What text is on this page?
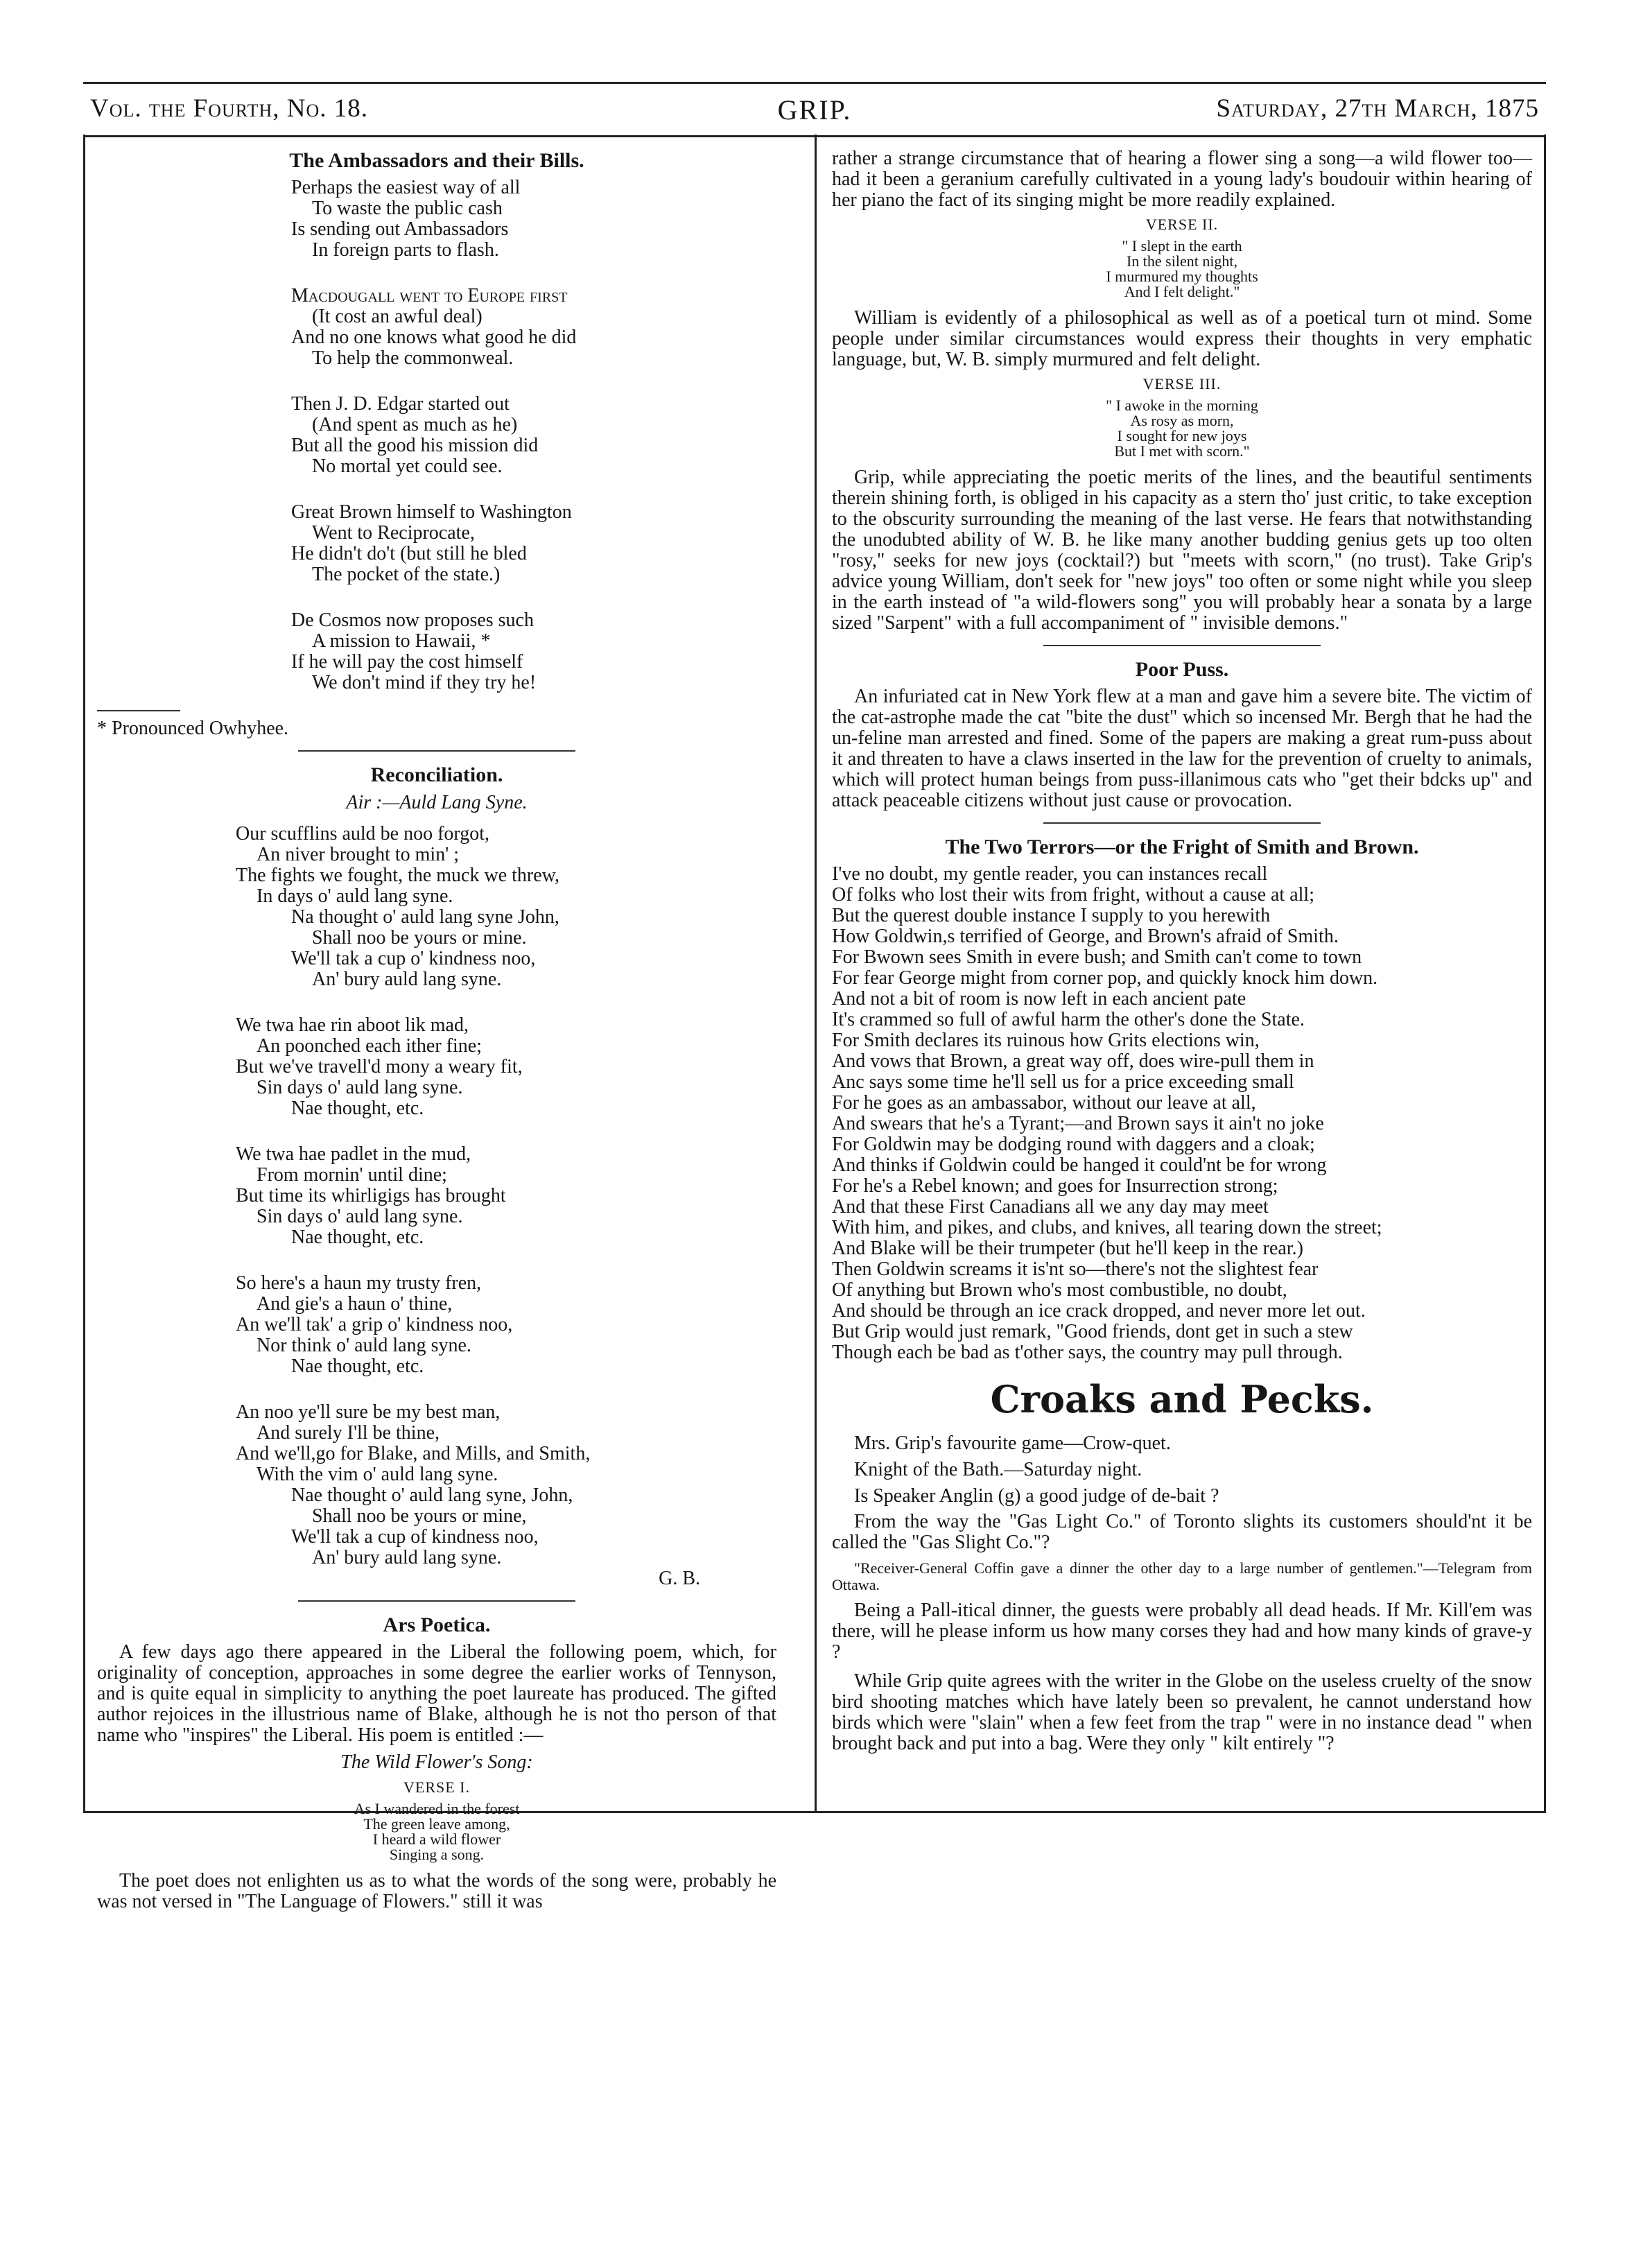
Vol. the Fourth, No. 18.	GRIP.	Saturday, 27th March, 1875
The Ambassadors and their Bills.
Perhaps the easiest way of all
To waste the public cash
Is sending out Ambassadors
In foreign parts to flash.
Macdougall went to Europe first
(It cost an awful deal)
And no one knows what good he did
To help the commonweal.
Then J. D. Edgar started out
(And spent as much as he)
But all the good his mission did
No mortal yet could see.
Great Brown himself to Washington
Went to Reciprocate,
He didn't do't (but still he bled
The pocket of the state.)
De Cosmos now proposes such
A mission to Hawaii, *
If he will pay the cost himself
We don't mind if they try he!
* Pronounced Owhyhee.
Reconciliation.
Air :—Auld Lang Syne.
Our scufflins auld be noo forgot,
An niver brought to min' ;
The fights we fought, the muck we threw,
In days o' auld lang syne.
Na thought o' auld lang syne John,
Shall noo be yours or mine.
We'll tak a cup o' kindness noo,
An' bury auld lang syne.
We twa hae rin aboot lik mad,
An poonched each ither fine;
But we've travell'd mony a weary fit,
Sin days o' auld lang syne.
Nae thought, etc.
We twa hae padlet in the mud,
From mornin' until dine;
But time its whirligigs has brought
Sin days o' auld lang syne.
Nae thought, etc.
So here's a haun my trusty fren,
And gie's a haun o' thine,
An we'll tak' a grip o' kindness noo,
Nor think o' auld lang syne.
Nae thought, etc.
An noo ye'll sure be my best man,
And surely I'll be thine,
And we'll,go for Blake, and Mills, and Smith,
With the vim o' auld lang syne.
Nae thought o' auld lang syne, John,
Shall noo be yours or mine,
We'll tak a cup of kindness noo,
An' bury auld lang syne.
G. B.
Ars Poetica.

A few days ago there appeared in the Liberal the following poem, which, for originality of conception, approaches in some degree the earlier works of Tennyson, and is quite equal in simplicity to anything the poet laureate has produced. The gifted author rejoices in the illustrious name of Blake, although he is not tho person of that name who "inspires" the Liberal. His poem is entitled :—

The Wild Flower's Song:
VERSE I.
As I wandered in the forest
The green leave among,
I heard a wild flower
Singing a song.

The poet does not enlighten us as to what the words of the song were, probably he was not versed in "The Language of Flowers." still it was

rather a strange circumstance that of hearing a flower sing a song—a wild flower too—had it been a geranium carefully cultivated in a young lady's boudouir within hearing of her piano the fact of its singing might be more readily explained.

VERSE II.
" I slept in the earth
In the silent night,
I murmured my thoughts
And I felt delight."

William is evidently of a philosophical as well as of a poetical turn ot mind. Some people under similar circumstances would express their thoughts in very emphatic language, but, W. B. simply murmured and felt delight.

VERSE III.
" I awoke in the morning
As rosy as morn,
I sought for new joys
But I met with scorn."

Grip, while appreciating the poetic merits of the lines, and the beautiful sentiments therein shining forth, is obliged in his capacity as a stern tho' just critic, to take exception to the obscurity surrounding the meaning of the last verse. He fears that notwithstanding the unodubted ability of W. B. he like many another budding genius gets up too olten "rosy," seeks for new joys (cocktail?) but "meets with scorn," (no trust). Take Grip's advice young William, don't seek for "new joys" too often or some night while you sleep in the earth instead of "a wild-flowers song" you will probably hear a sonata by a large sized "Sarpent" with a full accompaniment of " invisible demons."

Poor Puss.

An infuriated cat in New York flew at a man and gave him a severe bite. The victim of the cat-astrophe made the cat "bite the dust" which so incensed Mr. Bergh that he had the un-feline man arrested and fined. Some of the papers are making a great rum-puss about it and threaten to have a claws inserted in the law for the prevention of cruelty to animals, which will protect human beings from puss-illanimous cats who "get their bdcks up" and attack peaceable citizens without just cause or provocation.

The Two Terrors—or the Fright of Smith and Brown.
I've no doubt, my gentle reader, you can instances recall
Of folks who lost their wits from fright, without a cause at all;
But the querest double instance I supply to you herewith
How Goldwin,s terrified of George, and Brown's afraid of Smith.
For Bwown sees Smith in evere bush; and Smith can't come to town
For fear George might from corner pop, and quickly knock him down.
And not a bit of room is now left in each ancient pate
It's crammed so full of awful harm the other's done the State.
For Smith declares its ruinous how Grits elections win,
And vows that Brown, a great way off, does wire-pull them in
Anc says some time he'll sell us for a price exceeding small
For he goes as an ambassabor, without our leave at all,
And swears that he's a Tyrant;—and Brown says it ain't no joke
For Goldwin may be dodging round with daggers and a cloak;
And thinks if Goldwin could be hanged it could'nt be for wrong
For he's a Rebel known; and goes for Insurrection strong;
And that these First Canadians all we any day may meet
With him, and pikes, and clubs, and knives, all tearing down the street;
And Blake will be their trumpeter (but he'll keep in the rear.)
Then Goldwin screams it is'nt so—there's not the slightest fear
Of anything but Brown who's most combustible, no doubt,
And should be through an ice crack dropped, and never more let out.
But Grip would just remark, "Good friends, dont get in such a stew
Though each be bad as t'other says, the country may pull through.
Croaks and Pecks.
Mrs. Grip's favourite game—Crow-quet.
Knight of the Bath.—Saturday night.
Is Speaker Anglin (g) a good judge of de-bait ?

From the way the "Gas Light Co." of Toronto slights its customers should'nt it be called the "Gas Slight Co."?

"Receiver-General Coffin gave a dinner the other day to a large number of gentlemen."—Telegram from Ottawa.

Being a Pall-itical dinner, the guests were probably all dead heads. If Mr. Kill'em was there, will he please inform us how many corses they had and how many kinds of grave-y ?

While Grip quite agrees with the writer in the Globe on the useless cruelty of the snow bird shooting matches which have lately been so prevalent, he cannot understand how birds which were "slain" when a few feet from the trap " were in no instance dead " when brought back and put into a bag. Were they only " kilt entirely "?
